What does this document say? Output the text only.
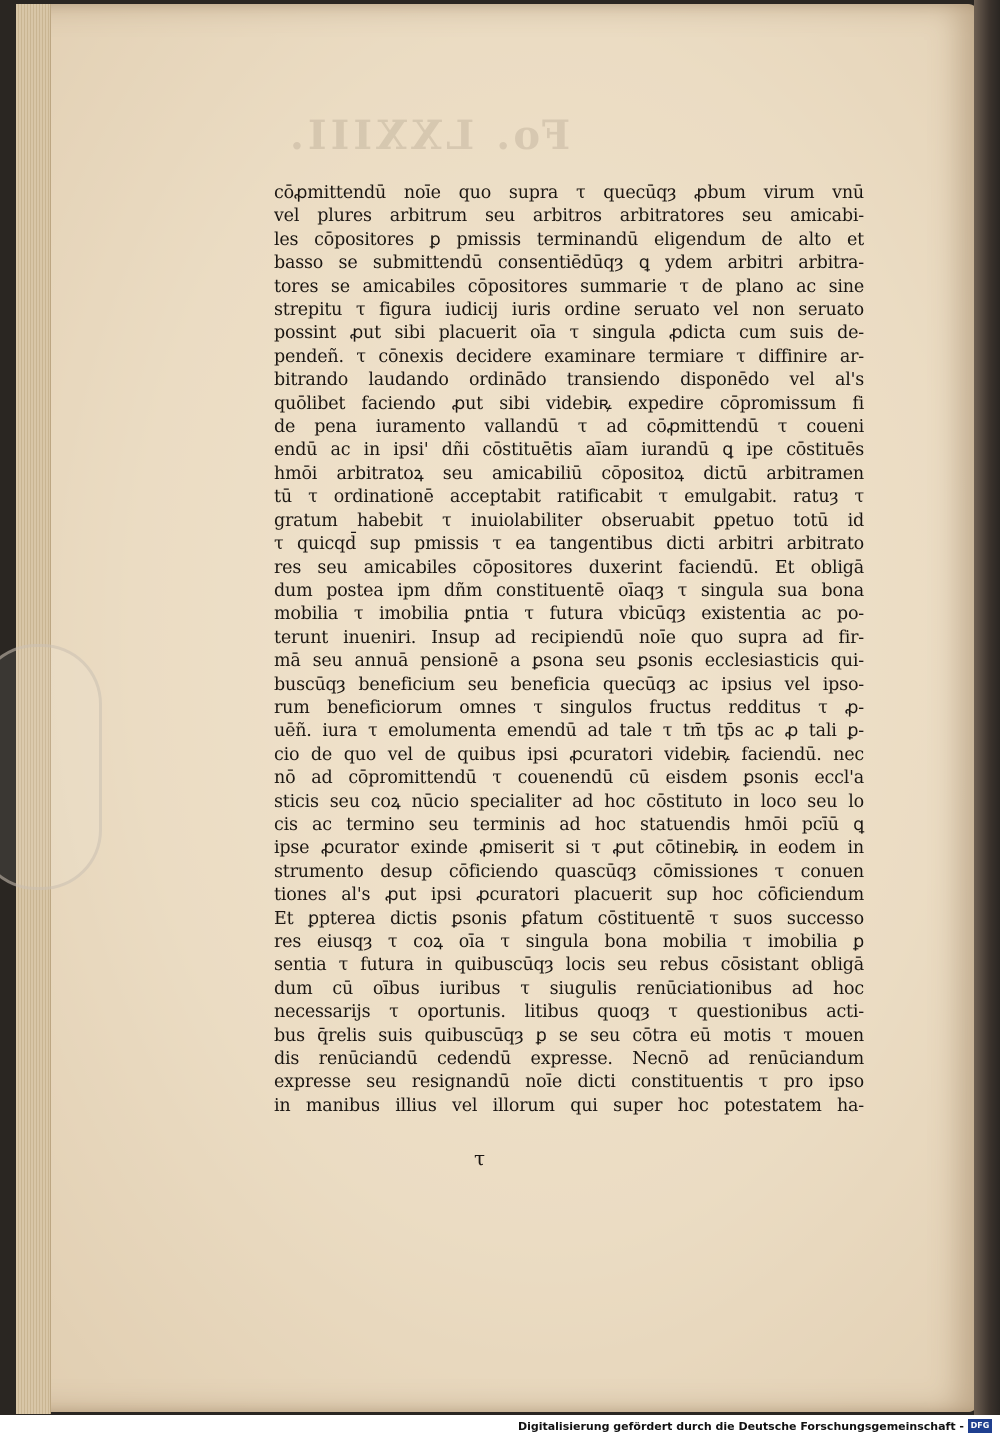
Fo. LXXIII.
cōꝓmittendū noīe quo supra τ quecūqȝ ꝓbum virum vnū
vel plures arbitrum seu arbitros arbitratores seu amicabi-
les cōpositores ꝑ pmissis terminandū eligendum de alto et
basso se submittendū consentiēdūqȝ ꝗ ydem arbitri arbitra-
tores se amicabiles cōpositores summarie τ de plano ac sine
strepitu τ figura iudicij iuris ordine seruato vel non seruato
possint ꝓut sibi placuerit oīa τ singula ꝓdicta cum suis de-
pendeñ. τ cōnexis decidere examinare termiare τ diffinire ar-
bitrando laudando ordinādo transiendo disponēdo vel al's
quōlibet faciendo ꝓut sibi videbiꝶ expedire cōpromissum fi
de pena iuramento vallandū τ ad cōꝓmittendū τ coueni
endū ac in ipsi' dñi cōstituētis aīam iurandū ꝗ ipe cōstituēs
hmōi arbitratoꝝ seu amicabiliū cōpositoꝝ dictū arbitramen
tū τ ordinationē acceptabit ratificabit τ emulgabit. ratuȝ τ
gratum habebit τ inuiolabiliter obseruabit ꝑpetuo totū id
τ quicqd̄ sup pmissis τ ea tangentibus dicti arbitri arbitrato
res seu amicabiles cōpositores duxerint faciendū. Et obligā
dum postea ipm dñm constituentē oīaqȝ τ singula sua bona
mobilia τ imobilia ꝑntia τ futura vbicūqȝ existentia ac po-
terunt inueniri. Insup ad recipiendū noīe quo supra ad fir-
mā seu annuā pensionē a ꝑsona seu ꝑsonis ecclesiasticis qui-
buscūqȝ beneficium seu beneficia quecūqȝ ac ipsius vel ipso-
rum beneficiorum omnes τ singulos fructus redditus τ ꝓ-
uēñ. iura τ emolumenta emendū ad tale τ tm̄ tp̄s ac ꝓ tali ꝑ-
cio de quo vel de quibus ipsi ꝓcuratori videbiꝶ faciendū. nec
nō ad cōpromittendū τ couenendū cū eisdem ꝑsonis eccl'a
sticis seu coꝝ nūcio specialiter ad hoc cōstituto in loco seu lo
cis ac termino seu terminis ad hoc statuendis hmōi pcīū ꝗ
ipse ꝓcurator exinde ꝓmiserit si τ ꝓut cōtinebiꝶ in eodem in
strumento desup cōficiendo quascūqȝ cōmissiones τ conuen
tiones al's ꝓut ipsi ꝓcuratori placuerit sup hoc cōficiendum
Et ꝑpterea dictis ꝑsonis ꝑfatum cōstituentē τ suos successo
res eiusqȝ τ coꝝ oīa τ singula bona mobilia τ imobilia ꝑ
sentia τ futura in quibuscūqȝ locis seu rebus cōsistant obligā
dum cū oībus iuribus τ siugulis renūciationibus ad hoc
necessarijs τ oportunis. litibus quoqȝ τ questionibus acti-
bus q̄relis suis quibuscūqȝ ꝑ se seu cōtra eū motis τ mouen
dis renūciandū cedendū expresse. Necnō ad renūciandum
expresse seu resignandū noīe dicti constituentis τ pro ipso
in manibus illius vel illorum qui super hoc potestatem ha-
τ
Digitalisierung gefördert durch die Deutsche Forschungsgemeinschaft - DFG
